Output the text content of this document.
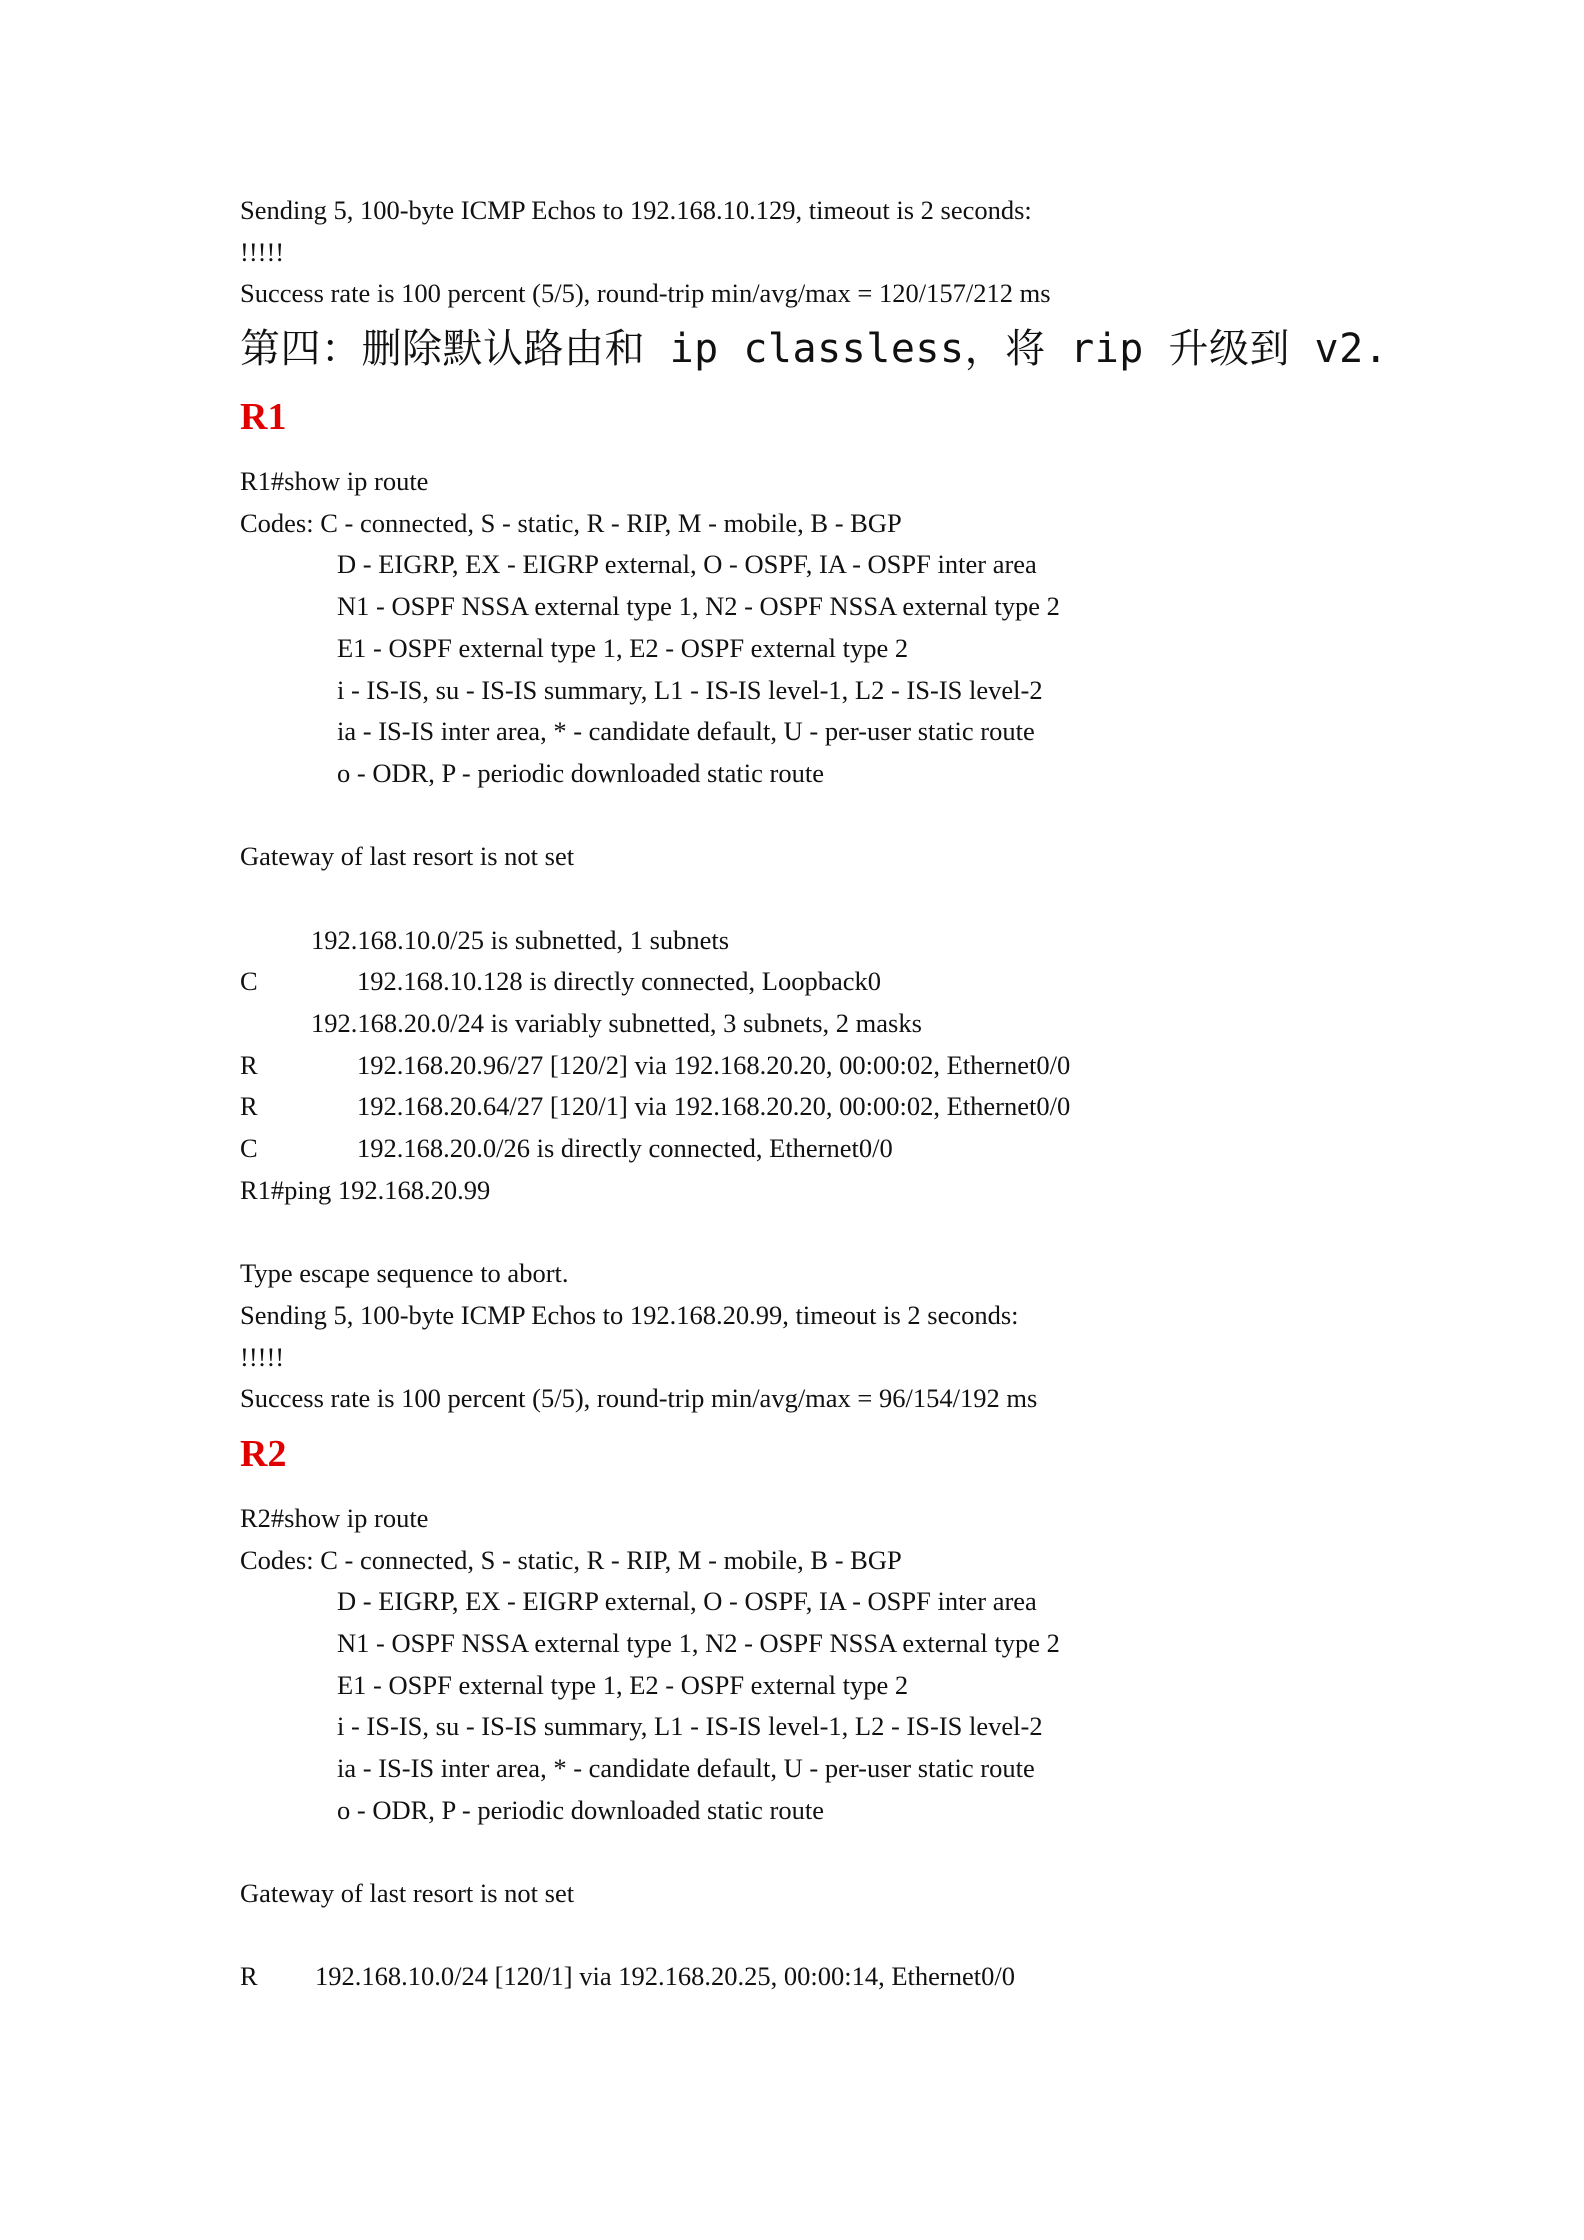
Sending 5, 100-byte ICMP Echos to 192.168.10.129, timeout is 2 seconds:
!!!!!
Success rate is 100 percent (5/5), round-trip min/avg/max = 120/157/212 ms
第四：删除默认路由和 ip classless，将 rip 升级到 v2.
R1
R1#show ip route
Codes: C - connected, S - static, R - RIP, M - mobile, B - BGP
D - EIGRP, EX - EIGRP external, O - OSPF, IA - OSPF inter area
N1 - OSPF NSSA external type 1, N2 - OSPF NSSA external type 2
E1 - OSPF external type 1, E2 - OSPF external type 2
i - IS-IS, su - IS-IS summary, L1 - IS-IS level-1, L2 - IS-IS level-2
ia - IS-IS inter area, * - candidate default, U - per-user static route
o - ODR, P - periodic downloaded static route
Gateway of last resort is not set
192.168.10.0/25 is subnetted, 1 subnets
C	192.168.10.128 is directly connected, Loopback0
192.168.20.0/24 is variably subnetted, 3 subnets, 2 masks
R	192.168.20.96/27 [120/2] via 192.168.20.20, 00:00:02, Ethernet0/0
R	192.168.20.64/27 [120/1] via 192.168.20.20, 00:00:02, Ethernet0/0
C	192.168.20.0/26 is directly connected, Ethernet0/0
R1#ping 192.168.20.99
Type escape sequence to abort.
Sending 5, 100-byte ICMP Echos to 192.168.20.99, timeout is 2 seconds:
!!!!!
Success rate is 100 percent (5/5), round-trip min/avg/max = 96/154/192 ms
R2
R2#show ip route
Codes: C - connected, S - static, R - RIP, M - mobile, B - BGP
D - EIGRP, EX - EIGRP external, O - OSPF, IA - OSPF inter area
N1 - OSPF NSSA external type 1, N2 - OSPF NSSA external type 2
E1 - OSPF external type 1, E2 - OSPF external type 2
i - IS-IS, su - IS-IS summary, L1 - IS-IS level-1, L2 - IS-IS level-2
ia - IS-IS inter area, * - candidate default, U - per-user static route
o - ODR, P - periodic downloaded static route
Gateway of last resort is not set
R	192.168.10.0/24 [120/1] via 192.168.20.25, 00:00:14, Ethernet0/0
